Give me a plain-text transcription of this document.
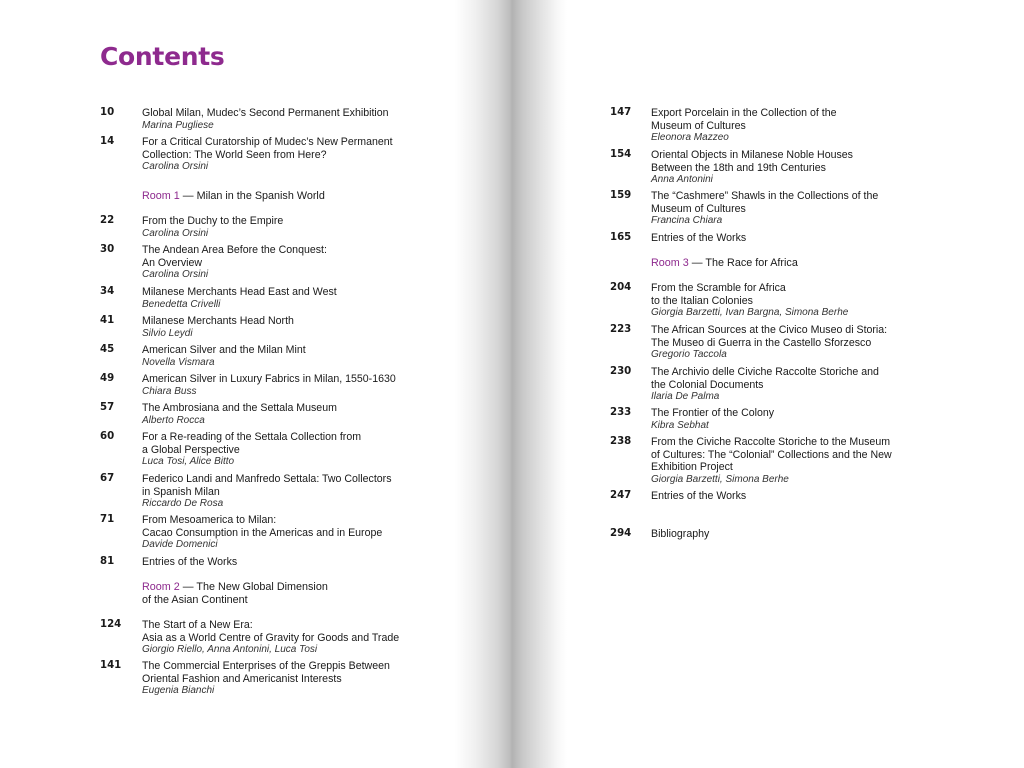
Contents
10	Global Milan, Mudec’s Second Permanent Exhibition
Marina Pugliese
14	For a Critical Curatorship of Mudec’s New Permanent
Collection: The World Seen from Here?
Carolina Orsini
Room 1 — Milan in the Spanish World
22	From the Duchy to the Empire
Carolina Orsini
30	The Andean Area Before the Conquest:
An Overview
Carolina Orsini
34	Milanese Merchants Head East and West
Benedetta Crivelli
41	Milanese Merchants Head North
Silvio Leydi
45	American Silver and the Milan Mint
Novella Vismara
49	American Silver in Luxury Fabrics in Milan, 1550-1630
Chiara Buss
57	The Ambrosiana and the Settala Museum
Alberto Rocca
60	For a Re-reading of the Settala Collection from
a Global Perspective
Luca Tosi, Alice Bitto
67	Federico Landi and Manfredo Settala: Two Collectors
in Spanish Milan
Riccardo De Rosa
71	From Mesoamerica to Milan:
Cacao Consumption in the Americas and in Europe
Davide Domenici
81	Entries of the Works
Room 2 — The New Global Dimension
of the Asian Continent
124 The Start of a New Era:
Asia as a World Centre of Gravity for Goods and Trade
Giorgio Riello, Anna Antonini, Luca Tosi
141 The Commercial Enterprises of the Greppis Between
Oriental Fashion and Americanist Interests
Eugenia Bianchi
147 Export Porcelain in the Collection of the
Museum of Cultures
Eleonora Mazzeo
154 Oriental Objects in Milanese Noble Houses
Between the 18th and 19th Centuries
Anna Antonini
159 The “Cashmere” Shawls in the Collections of the
Museum of Cultures
Francina Chiara
165 Entries of the Works
Room 3 — The Race for Africa
204 From the Scramble for Africa
to the Italian Colonies
Giorgia Barzetti, Ivan Bargna, Simona Berhe
223 The African Sources at the Civico Museo di Storia:
The Museo di Guerra in the Castello Sforzesco
Gregorio Taccola
230 The Archivio delle Civiche Raccolte Storiche and
the Colonial Documents
Ilaria De Palma
233 The Frontier of the Colony
Kibra Sebhat
238 From the Civiche Raccolte Storiche to the Museum
of Cultures: The “Colonial” Collections and the New
Exhibition Project
Giorgia Barzetti, Simona Berhe
247 Entries of the Works
294 Bibliography
